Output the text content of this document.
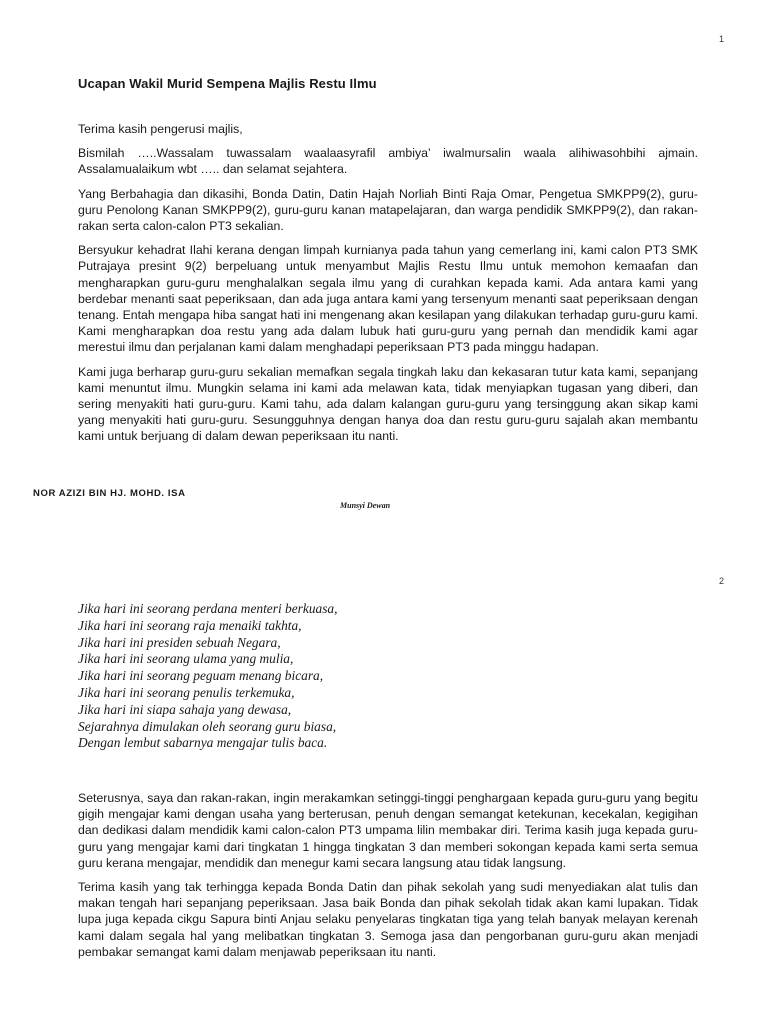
1
Ucapan Wakil Murid Sempena Majlis Restu Ilmu

Terima kasih pengerusi majlis,

Bismilah …..Wassalam tuwassalam waalaasyrafil ambiya’ iwalmursalin waala alihiwasohbihi ajmain. Assalamualaikum wbt ….. dan selamat sejahtera.

Yang Berbahagia dan dikasihi, Bonda Datin, Datin Hajah Norliah Binti Raja Omar, Pengetua SMKPP9(2), guru-guru Penolong Kanan SMKPP9(2), guru-guru kanan matapelajaran, dan warga pendidik SMKPP9(2), dan rakan-rakan serta calon-calon PT3 sekalian.

Bersyukur kehadrat Ilahi kerana dengan limpah kurnianya pada tahun yang cemerlang ini, kami calon PT3 SMK Putrajaya presint 9(2) berpeluang untuk menyambut Majlis Restu Ilmu untuk memohon kemaafan dan mengharapkan guru-guru menghalalkan segala ilmu yang di curahkan kepada kami. Ada antara kami yang berdebar menanti saat peperiksaan, dan ada juga antara kami yang tersenyum menanti saat peperiksaan dengan tenang. Entah mengapa hiba sangat hati ini mengenang akan kesilapan yang dilakukan terhadap guru-guru kami. Kami mengharapkan doa restu yang ada dalam lubuk hati guru-guru yang pernah dan mendidik kami agar merestui ilmu dan perjalanan kami dalam menghadapi peperiksaan PT3 pada minggu hadapan.

Kami juga berharap guru-guru sekalian memafkan segala tingkah laku dan kekasaran tutur kata kami, sepanjang kami menuntut ilmu. Mungkin selama ini kami ada melawan kata, tidak menyiapkan tugasan yang diberi, dan sering menyakiti hati guru-guru. Kami tahu, ada dalam kalangan guru-guru yang tersinggung akan sikap kami yang menyakiti hati guru-guru. Sesungguhnya dengan hanya doa dan restu guru-guru sajalah akan membantu kami untuk berjuang di dalam dewan peperiksaan itu nanti.

NOR AZIZI BIN HJ. MOHD. ISA
Munsyi Dewan
2
Jika hari ini seorang perdana menteri berkuasa,
Jika hari ini seorang raja menaiki takhta,
Jika hari ini presiden sebuah Negara,
Jika hari ini seorang ulama yang mulia,
Jika hari ini seorang peguam menang bicara,
Jika hari ini seorang penulis terkemuka,
Jika hari ini siapa sahaja yang dewasa,
Sejarahnya dimulakan oleh seorang guru biasa,
Dengan lembut sabarnya mengajar tulis baca.

Seterusnya, saya dan rakan-rakan, ingin merakamkan setinggi-tinggi penghargaan kepada guru-guru yang begitu gigih mengajar kami dengan usaha yang berterusan, penuh dengan semangat ketekunan, kecekalan, kegigihan dan dedikasi dalam mendidik kami calon-calon PT3 umpama lilin membakar diri. Terima kasih juga kepada guru-guru yang mengajar kami dari tingkatan 1 hingga tingkatan 3 dan memberi sokongan kepada kami serta semua guru kerana mengajar, mendidik dan menegur kami secara langsung atau tidak langsung.

Terima kasih yang tak terhingga kepada Bonda Datin dan pihak sekolah yang sudi menyediakan alat tulis dan makan tengah hari sepanjang peperiksaan. Jasa baik Bonda dan pihak sekolah tidak akan kami lupakan. Tidak lupa juga kepada cikgu Sapura binti Anjau selaku penyelaras tingkatan tiga yang telah banyak melayan kerenah kami dalam segala hal yang melibatkan tingkatan 3. Semoga jasa dan pengorbanan guru-guru akan menjadi pembakar semangat kami dalam menjawab peperiksaan itu nanti.
